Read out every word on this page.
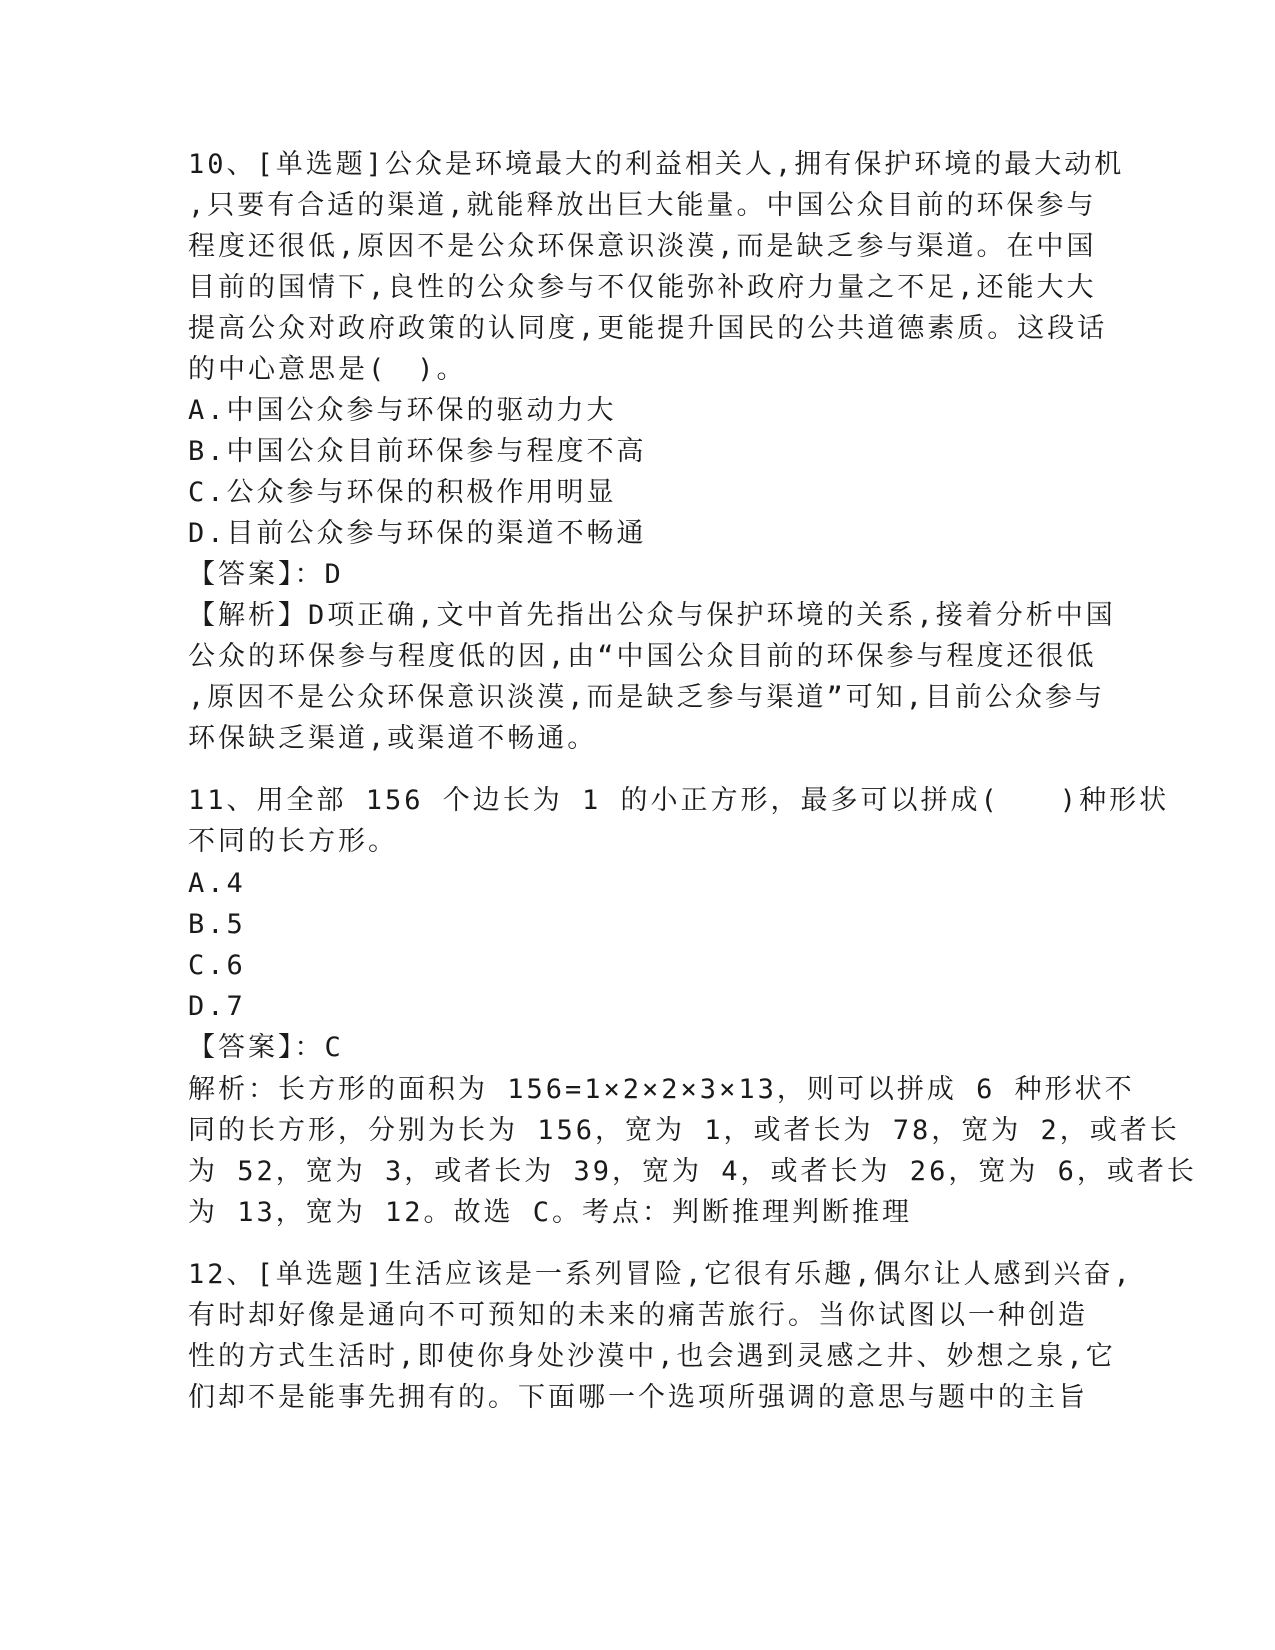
10、[单选题]公众是环境最大的利益相关人,拥有保护环境的最大动机
,只要有合适的渠道,就能释放出巨大能量。中国公众目前的环保参与
程度还很低,原因不是公众环保意识淡漠,而是缺乏参与渠道。在中国
目前的国情下,良性的公众参与不仅能弥补政府力量之不足,还能大大
提高公众对政府政策的认同度,更能提升国民的公共道德素质。这段话
的中心意思是(　)。
A.中国公众参与环保的驱动力大
B.中国公众目前环保参与程度不高
C.公众参与环保的积极作用明显
D.目前公众参与环保的渠道不畅通
【答案】：D
【解析】D项正确,文中首先指出公众与保护环境的关系,接着分析中国
公众的环保参与程度低的因,由“中国公众目前的环保参与程度还很低
,原因不是公众环保意识淡漠,而是缺乏参与渠道”可知,目前公众参与
环保缺乏渠道,或渠道不畅通。
11、用全部 156 个边长为 1 的小正方形，最多可以拼成(　　)种形状
不同的长方形。
A.4
B.5
C.6
D.7
【答案】：C
解析：长方形的面积为 156=1×2×2×3×13，则可以拼成 6 种形状不
同的长方形，分别为长为 156，宽为 1，或者长为 78，宽为 2，或者长
为 52，宽为 3，或者长为 39，宽为 4，或者长为 26，宽为 6，或者长
为 13，宽为 12。故选 C。考点：判断推理判断推理
12、[单选题]生活应该是一系列冒险,它很有乐趣,偶尔让人感到兴奋,
有时却好像是通向不可预知的未来的痛苦旅行。当你试图以一种创造
性的方式生活时,即使你身处沙漠中,也会遇到灵感之井、妙想之泉,它
们却不是能事先拥有的。下面哪一个选项所强调的意思与题中的主旨
